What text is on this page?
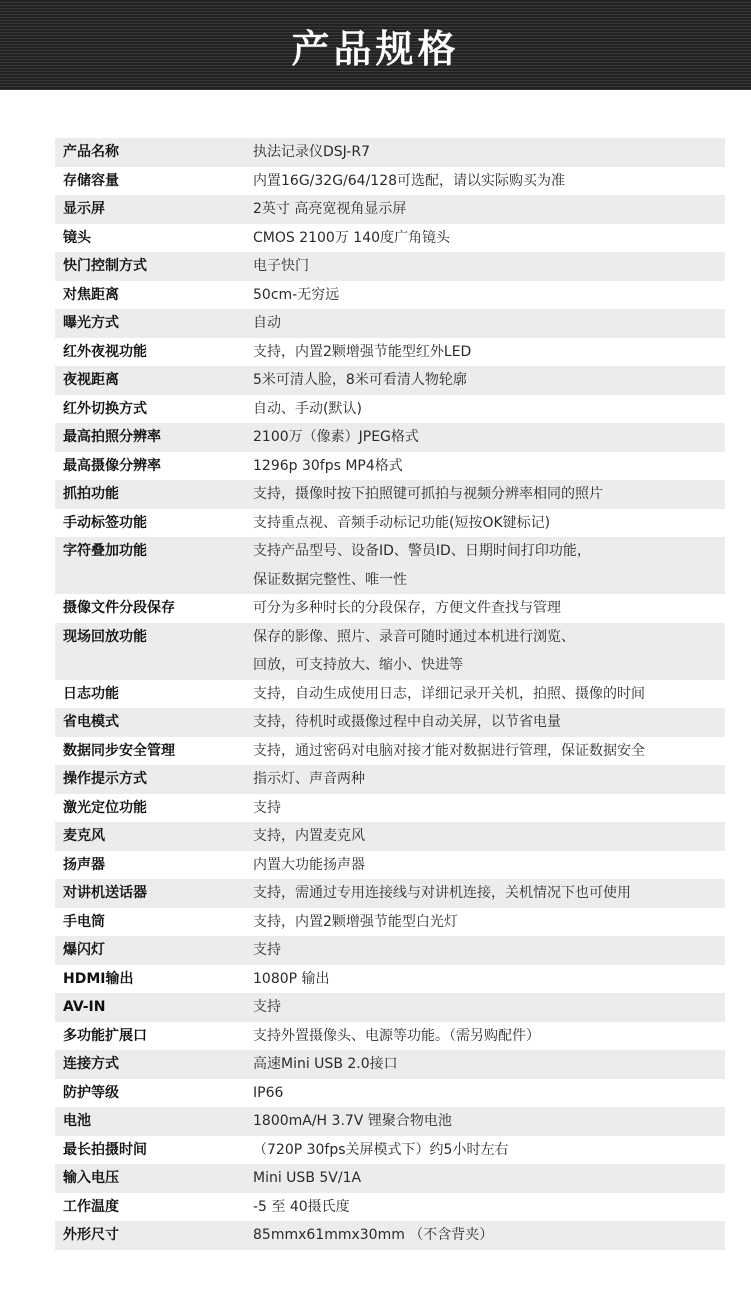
产品规格
产品名称	执法记录仪DSJ-R7
存储容量	内置16G/32G/64/128可选配，请以实际购买为准
显示屏	2英寸 高亮宽视角显示屏
镜头	CMOS 2100万 140度广角镜头
快门控制方式	电子快门
对焦距离	50cm-无穷远
曝光方式	自动
红外夜视功能	支持，内置2颗增强节能型红外LED
夜视距离	5米可清人脸，8米可看清人物轮廓
红外切换方式	自动、手动(默认)
最高拍照分辨率	2100万（像素）JPEG格式
最高摄像分辨率	1296p 30fps MP4格式
抓拍功能	支持，摄像时按下拍照键可抓拍与视频分辨率相同的照片
手动标签功能	支持重点视、音频手动标记功能(短按OK键标记)
字符叠加功能	支持产品型号、设备ID、警员ID、日期时间打印功能，
保证数据完整性、唯一性
摄像文件分段保存	可分为多种时长的分段保存，方便文件查找与管理
现场回放功能	保存的影像、照片、录音可随时通过本机进行浏览、
回放，可支持放大、缩小、快进等
日志功能	支持，自动生成使用日志，详细记录开关机，拍照、摄像的时间
省电模式	支持，待机时或摄像过程中自动关屏，以节省电量
数据同步安全管理	支持，通过密码对电脑对接才能对数据进行管理，保证数据安全
操作提示方式	指示灯、声音两种
激光定位功能	支持
麦克风	支持，内置麦克风
扬声器	内置大功能扬声器
对讲机送话器	支持，需通过专用连接线与对讲机连接，关机情况下也可使用
手电筒	支持，内置2颗增强节能型白光灯
爆闪灯	支持
HDMI输出	1080P 输出
AV-IN	支持
多功能扩展口	支持外置摄像头、电源等功能。（需另购配件）
连接方式	高速Mini USB 2.0接口
防护等级	IP66
电池	1800mA/H 3.7V 锂聚合物电池
最长拍摄时间	（720P 30fps关屏模式下）约5小时左右
输入电压	Mini USB 5V/1A
工作温度	-5 至 40摄氏度
外形尺寸	85mmx61mmx30mm （不含背夹）
